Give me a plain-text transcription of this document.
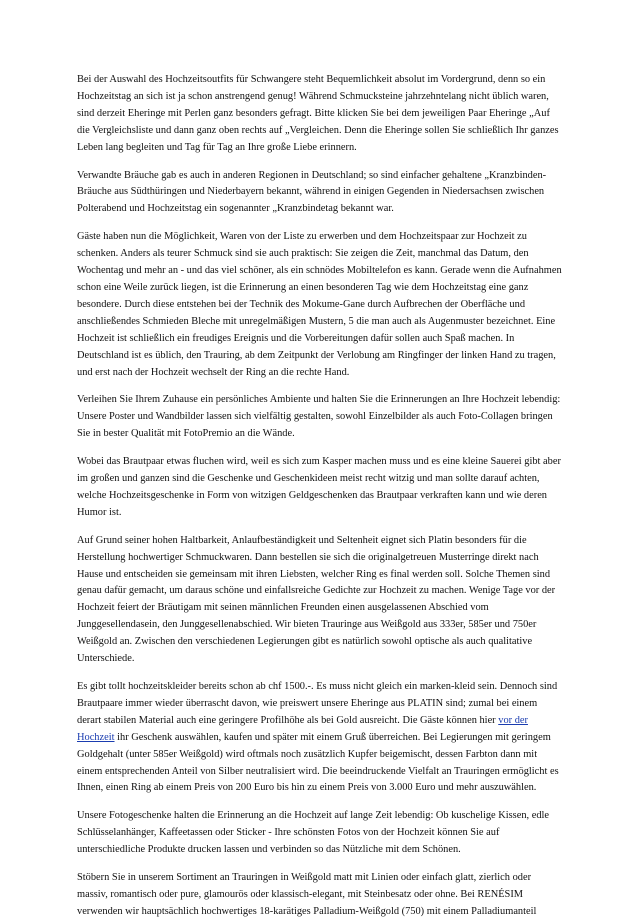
Bei der Auswahl des Hochzeitsoutfits für Schwangere steht Bequemlichkeit absolut im Vordergrund, denn so ein Hochzeitstag an sich ist ja schon anstrengend genug! Während Schmucksteine jahrzehntelang nicht üblich waren, sind derzeit Eheringe mit Perlen ganz besonders gefragt. Bitte klicken Sie bei dem jeweiligen Paar Eheringe „Auf die Vergleichsliste und dann ganz oben rechts auf „Vergleichen. Denn die Eheringe sollen Sie schließlich Ihr ganzes Leben lang begleiten und Tag für Tag an Ihre große Liebe erinnern.

Verwandte Bräuche gab es auch in anderen Regionen in Deutschland; so sind einfacher gehaltene „Kranzbinden-Bräuche aus Südthüringen und Niederbayern bekannt, während in einigen Gegenden in Niedersachsen zwischen Polterabend und Hochzeitstag ein sogenannter „Kranzbindetag bekannt war.

Gäste haben nun die Möglichkeit, Waren von der Liste zu erwerben und dem Hochzeitspaar zur Hochzeit zu schenken. Anders als teurer Schmuck sind sie auch praktisch: Sie zeigen die Zeit, manchmal das Datum, den Wochentag und mehr an - und das viel schöner, als ein schnödes Mobiltelefon es kann. Gerade wenn die Aufnahmen schon eine Weile zurück liegen, ist die Erinnerung an einen besonderen Tag wie dem Hochzeitstag eine ganz besondere. Durch diese entstehen bei der Technik des Mokume-Gane durch Aufbrechen der Oberfläche und anschließendes Schmieden Bleche mit unregelmäßigen Mustern, 5 die man auch als Augenmuster bezeichnet. Eine Hochzeit ist schließlich ein freudiges Ereignis und die Vorbereitungen dafür sollen auch Spaß machen. In Deutschland ist es üblich, den Trauring, ab dem Zeitpunkt der Verlobung am Ringfinger der linken Hand zu tragen, und erst nach der Hochzeit wechselt der Ring an die rechte Hand.

Verleihen Sie Ihrem Zuhause ein persönliches Ambiente und halten Sie die Erinnerungen an Ihre Hochzeit lebendig: Unsere Poster und Wandbilder lassen sich vielfältig gestalten, sowohl Einzelbilder als auch Foto-Collagen bringen Sie in bester Qualität mit FotoPremio an die Wände.

Wobei das Brautpaar etwas fluchen wird, weil es sich zum Kasper machen muss und es eine kleine Sauerei gibt aber im großen und ganzen sind die Geschenke und Geschenkideen meist recht witzig und man sollte darauf achten, welche Hochzeitsgeschenke in Form von witzigen Geldgeschenken das Brautpaar verkraften kann und wie deren Humor ist.

Auf Grund seiner hohen Haltbarkeit, Anlaufbeständigkeit und Seltenheit eignet sich Platin besonders für die Herstellung hochwertiger Schmuckwaren. Dann bestellen sie sich die originalgetreuen Musterringe direkt nach Hause und entscheiden sie gemeinsam mit ihren Liebsten, welcher Ring es final werden soll. Solche Themen sind genau dafür gemacht, um daraus schöne und einfallsreiche Gedichte zur Hochzeit zu machen. Wenige Tage vor der Hochzeit feiert der Bräutigam mit seinen männlichen Freunden einen ausgelassenen Abschied vom Junggesellendasein, den Junggesellenabschied. Wir bieten Trauringe aus Weißgold aus 333er, 585er und 750er Weißgold an. Zwischen den verschiedenen Legierungen gibt es natürlich sowohl optische als auch qualitative Unterschiede.

Es gibt tollt hochzeitskleider bereits schon ab chf 1500.-. Es muss nicht gleich ein marken-kleid sein. Dennoch sind Brautpaare immer wieder überrascht davon, wie preiswert unsere Eheringe aus PLATIN sind; zumal bei einem derart stabilen Material auch eine geringere Profilhöhe als bei Gold ausreicht. Die Gäste können hier vor der Hochzeit ihr Geschenk auswählen, kaufen und später mit einem Gruß überreichen. Bei Legierungen mit geringem Goldgehalt (unter 585er Weißgold) wird oftmals noch zusätzlich Kupfer beigemischt, dessen Farbton dann mit einem entsprechenden Anteil von Silber neutralisiert wird. Die beeindruckende Vielfalt an Trauringen ermöglicht es Ihnen, einen Ring ab einem Preis von 200 Euro bis hin zu einem Preis von 3.000 Euro und mehr auszuwählen.

Unsere Fotogeschenke halten die Erinnerung an die Hochzeit auf lange Zeit lebendig: Ob kuschelige Kissen, edle Schlüsselanhänger, Kaffeetassen oder Sticker - Ihre schönsten Fotos von der Hochzeit können Sie auf unterschiedliche Produkte drucken lassen und verbinden so das Nützliche mit dem Schönen.

Stöbern Sie in unserem Sortiment an Trauringen in Weißgold matt mit Linien oder einfach glatt, zierlich oder massiv, romantisch oder pure, glamourös oder klassisch-elegant, mit Steinbesatz oder ohne. Bei RENÉSIM verwenden wir hauptsächlich hochwertiges 18-karätiges Palladium-Weißgold (750) mit einem Palladiumanteil
